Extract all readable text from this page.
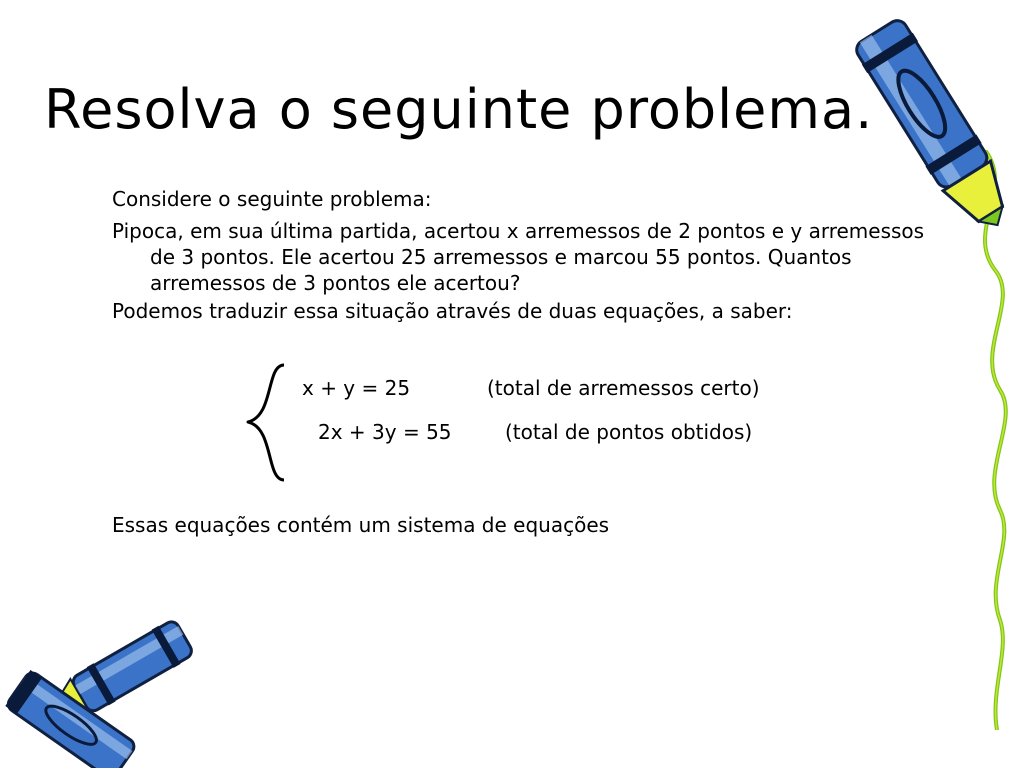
Resolva o seguinte problema.
Considere o seguinte problema:
Pipoca, em sua última partida, acertou x arremessos de 2 pontos e y arremessos de 3 pontos. Ele acertou 25 arremessos e marcou 55 pontos. Quantos arremessos de 3 pontos ele acertou?
Podemos traduzir essa situação através de duas equações, a saber:
x + y = 25	(total de arremessos certo)
2x + 3y = 55	(total de pontos obtidos)
Essas equações contém um sistema de equações
